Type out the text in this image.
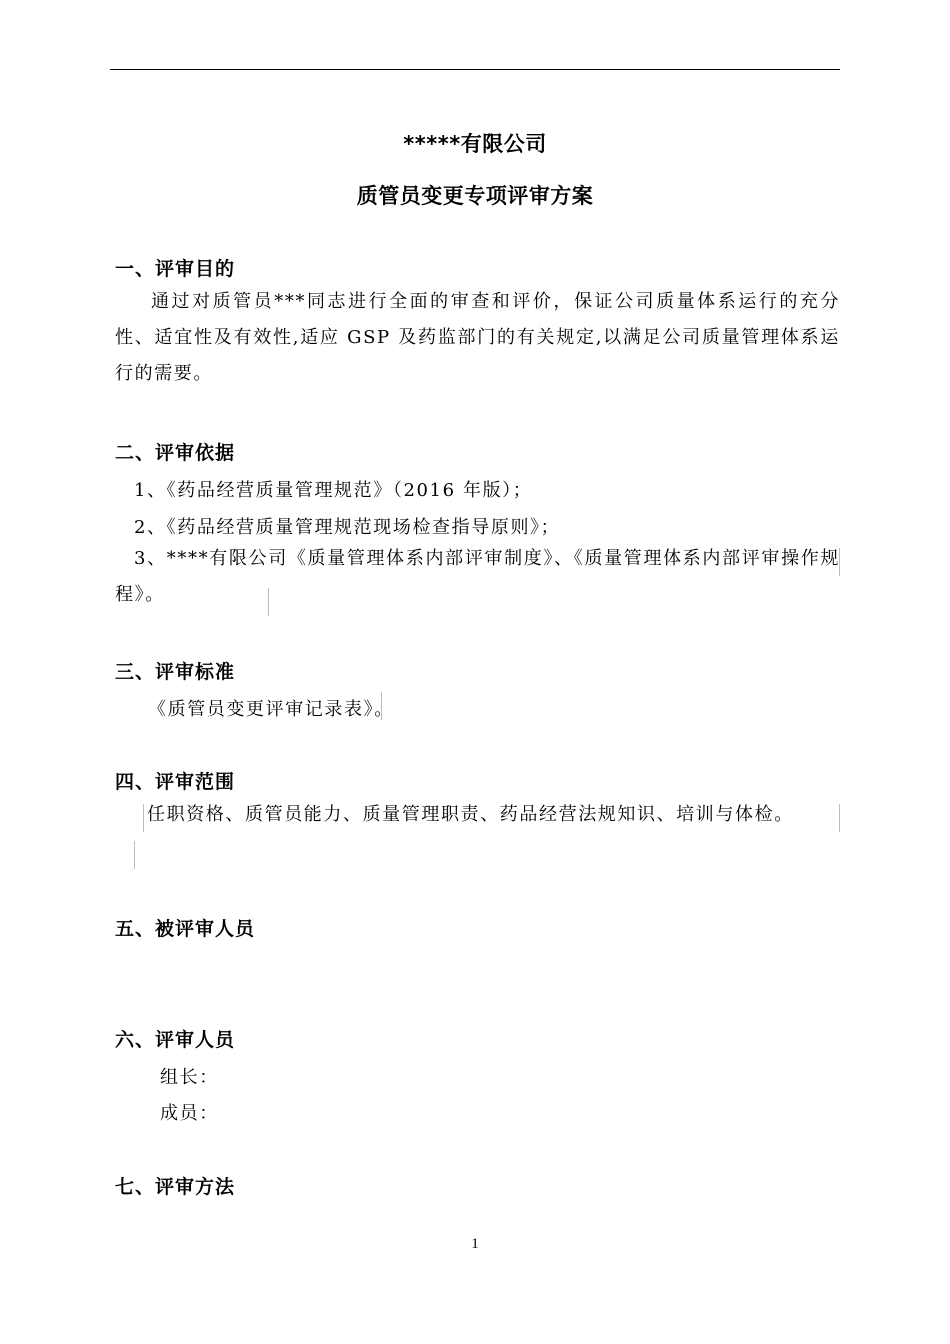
*****有限公司
质管员变更专项评审方案
一、评审目的

通过对质管员***同志进行全面的审查和评价，保证公司质量体系运行的充分性、适宜性及有效性,适应 GSP 及药监部门的有关规定,以满足公司质量管理体系运行的需要。

二、评审依据
1、《药品经营质量管理规范》（2016 年版）；
2、《药品经营质量管理规范现场检查指导原则》；

3、****有限公司《质量管理体系内部评审制度》、《质量管理体系内部评审操作规程》。

三、评审标准
《质管员变更评审记录表》。
四、评审范围

任职资格、质管员能力、质量管理职责、药品经营法规知识、培训与体检。

五、被评审人员
六、评审人员
组长：
成员：
七、评审方法
1
